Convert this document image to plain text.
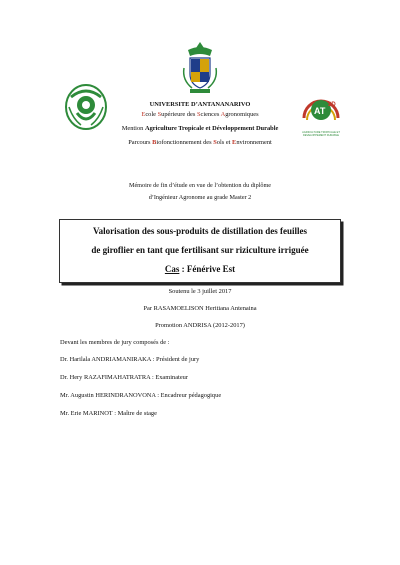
AT
2D
AGRICULTURE TROPICALE ET DEVELOPPEMENT DURABLE
UNIVERSITE D’ANTANANARIVO
Ecole Supérieure des Sciences Agronomiques
Mention Agriculture Tropicale et Développement Durable
Parcours Biofonctionnement des Sols et Environnement
Mémoire de fin d’étude en vue de l’obtention du diplôme
d’Ingénieur Agronome au grade Master 2
Valorisation des sous-produits de distillation des feuilles
de giroflier en tant que fertilisant sur riziculture irriguée
Cas : Fénérive Est
Soutenu le 3 juillet 2017
Par RASAMOELISON Heritiana Antenaina
Promotion ANDRISA (2012-2017)
Devant les membres de jury composés de :
Dr. Harilala ANDRIAMANIRAKA : Président de jury
Dr. Hery RAZAFIMAHATRATRA : Examinateur
Mr. Augustin HERINDRANOVONA : Encadreur pédagogique
Mr. Erie MARINOT : Maître de stage
